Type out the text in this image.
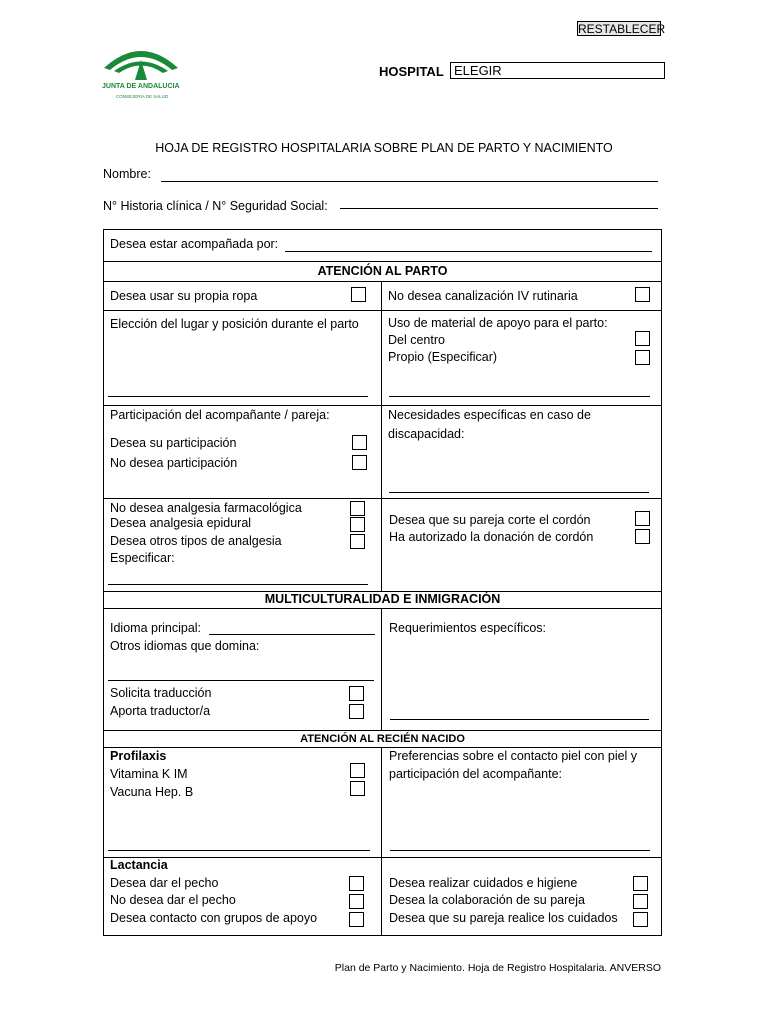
RESTABLECER
JUNTA DE ANDALUCIA
CONSEJERÍA DE SALUD
HOSPITAL ELEGIR
HOJA DE REGISTRO HOSPITALARIA SOBRE PLAN DE PARTO Y NACIMIENTO
Nombre:
N° Historia clínica / N° Seguridad Social:
Desea estar acompañada por:
ATENCIÓN AL PARTO
Desea usar su propia ropa	No desea canalización IV rutinaria
Elección del lugar y posición durante el parto Uso de material de apoyo para el parto:
Del centro
Propio (Especificar)
Participación del acompañante / pareja:
Desea su participación
No desea participación
Necesidades específicas en caso de
discapacidad:
No desea analgesia farmacológica
Desea analgesia epidural
Desea otros tipos de analgesia
Especificar:
Desea que su pareja corte el cordón
Ha autorizado la donación de cordón
MULTICULTURALIDAD E INMIGRACIÓN
Idioma principal:
Otros idiomas que domina:
Solicita traducción
Aporta traductor/a
Requerimientos específicos:
ATENCIÓN AL RECIÉN NACIDO
Profilaxis
Vitamina K IM
Vacuna Hep. B
Preferencias sobre el contacto piel con piel y
participación del acompañante:
Lactancia
Desea dar el pecho
No desea dar el pecho
Desea contacto con grupos de apoyo
Desea realizar cuidados e higiene
Desea la colaboración de su pareja
Desea que su pareja realice los cuidados
Plan de Parto y Nacimiento. Hoja de Registro Hospitalaria. ANVERSO
